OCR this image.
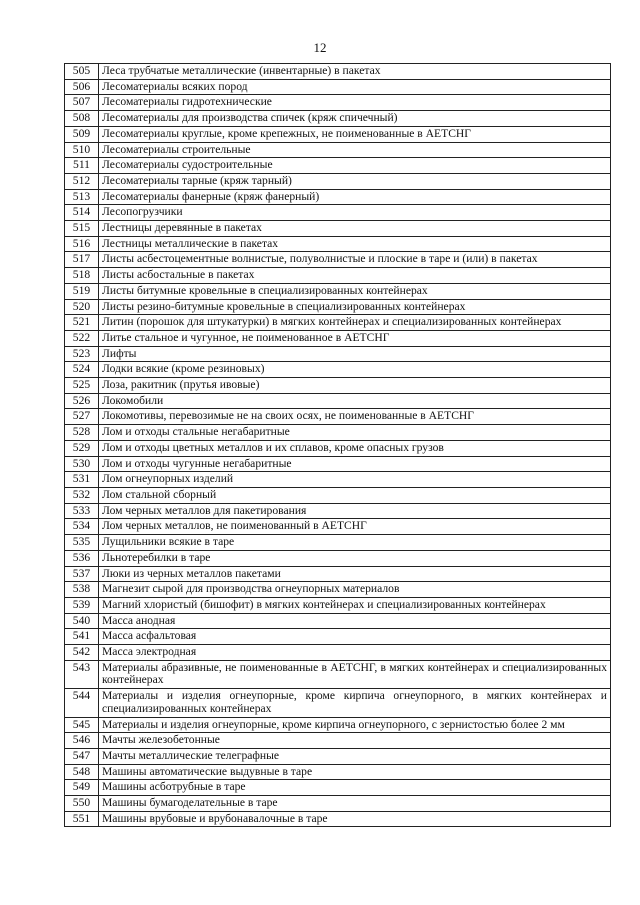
12
505	Леса трубчатые металлические (инвентарные) в пакетах
506	Лесоматериалы всяких пород
507	Лесоматериалы гидротехнические
508	Лесоматериалы для производства спичек (кряж спичечный)
509	Лесоматериалы круглые, кроме крепежных, не поименованные в АЕТСНГ
510	Лесоматериалы строительные
511	Лесоматериалы судостроительные
512	Лесоматериалы тарные (кряж тарный)
513	Лесоматериалы фанерные (кряж фанерный)
514	Лесопогрузчики
515	Лестницы деревянные в пакетах
516	Лестницы металлические в пакетах
517	Листы асбестоцементные волнистые, полуволнистые и плоские в таре и (или) в пакетах
518	Листы асбостальные в пакетах
519	Листы битумные кровельные в специализированных контейнерах
520	Листы резино-битумные кровельные в специализированных контейнерах
521	Литин (порошок для штукатурки) в мягких контейнерах и специализированных контейнерах
522	Литье стальное и чугунное, не поименованное в АЕТСНГ
523	Лифты
524	Лодки всякие (кроме резиновых)
525	Лоза, ракитник (прутья ивовые)
526	Локомобили
527	Локомотивы, перевозимые не на своих осях, не поименованные в АЕТСНГ
528	Лом и отходы стальные негабаритные
529	Лом и отходы цветных металлов и их сплавов, кроме опасных грузов
530	Лом и отходы чугунные негабаритные
531	Лом огнеупорных изделий
532	Лом стальной сборный
533	Лом черных металлов для пакетирования
534	Лом черных металлов, не поименованный в АЕТСНГ
535	Лущильники всякие в таре
536	Льнотеребилки в таре
537	Люки из черных металлов пакетами
538	Магнезит сырой для производства огнеупорных материалов
539	Магний хлористый (бишофит) в мягких контейнерах и специализированных контейнерах
540	Масса анодная
541	Масса асфальтовая
542	Масса электродная
543	Материалы абразивные, не поименованные в АЕТСНГ, в мягких контейнерах и специализированных контейнерах
544	Материалы и изделия огнеупорные, кроме кирпича огнеупорного, в мягких контейнерах и специализированных контейнерах
545	Материалы и изделия огнеупорные, кроме кирпича огнеупорного, с зернистостью более 2 мм
546	Мачты железобетонные
547	Мачты металлические телеграфные
548	Машины автоматические выдувные в таре
549	Машины асботрубные в таре
550	Машины бумагоделательные в таре
551	Машины врубовые и врубонавалочные в таре
